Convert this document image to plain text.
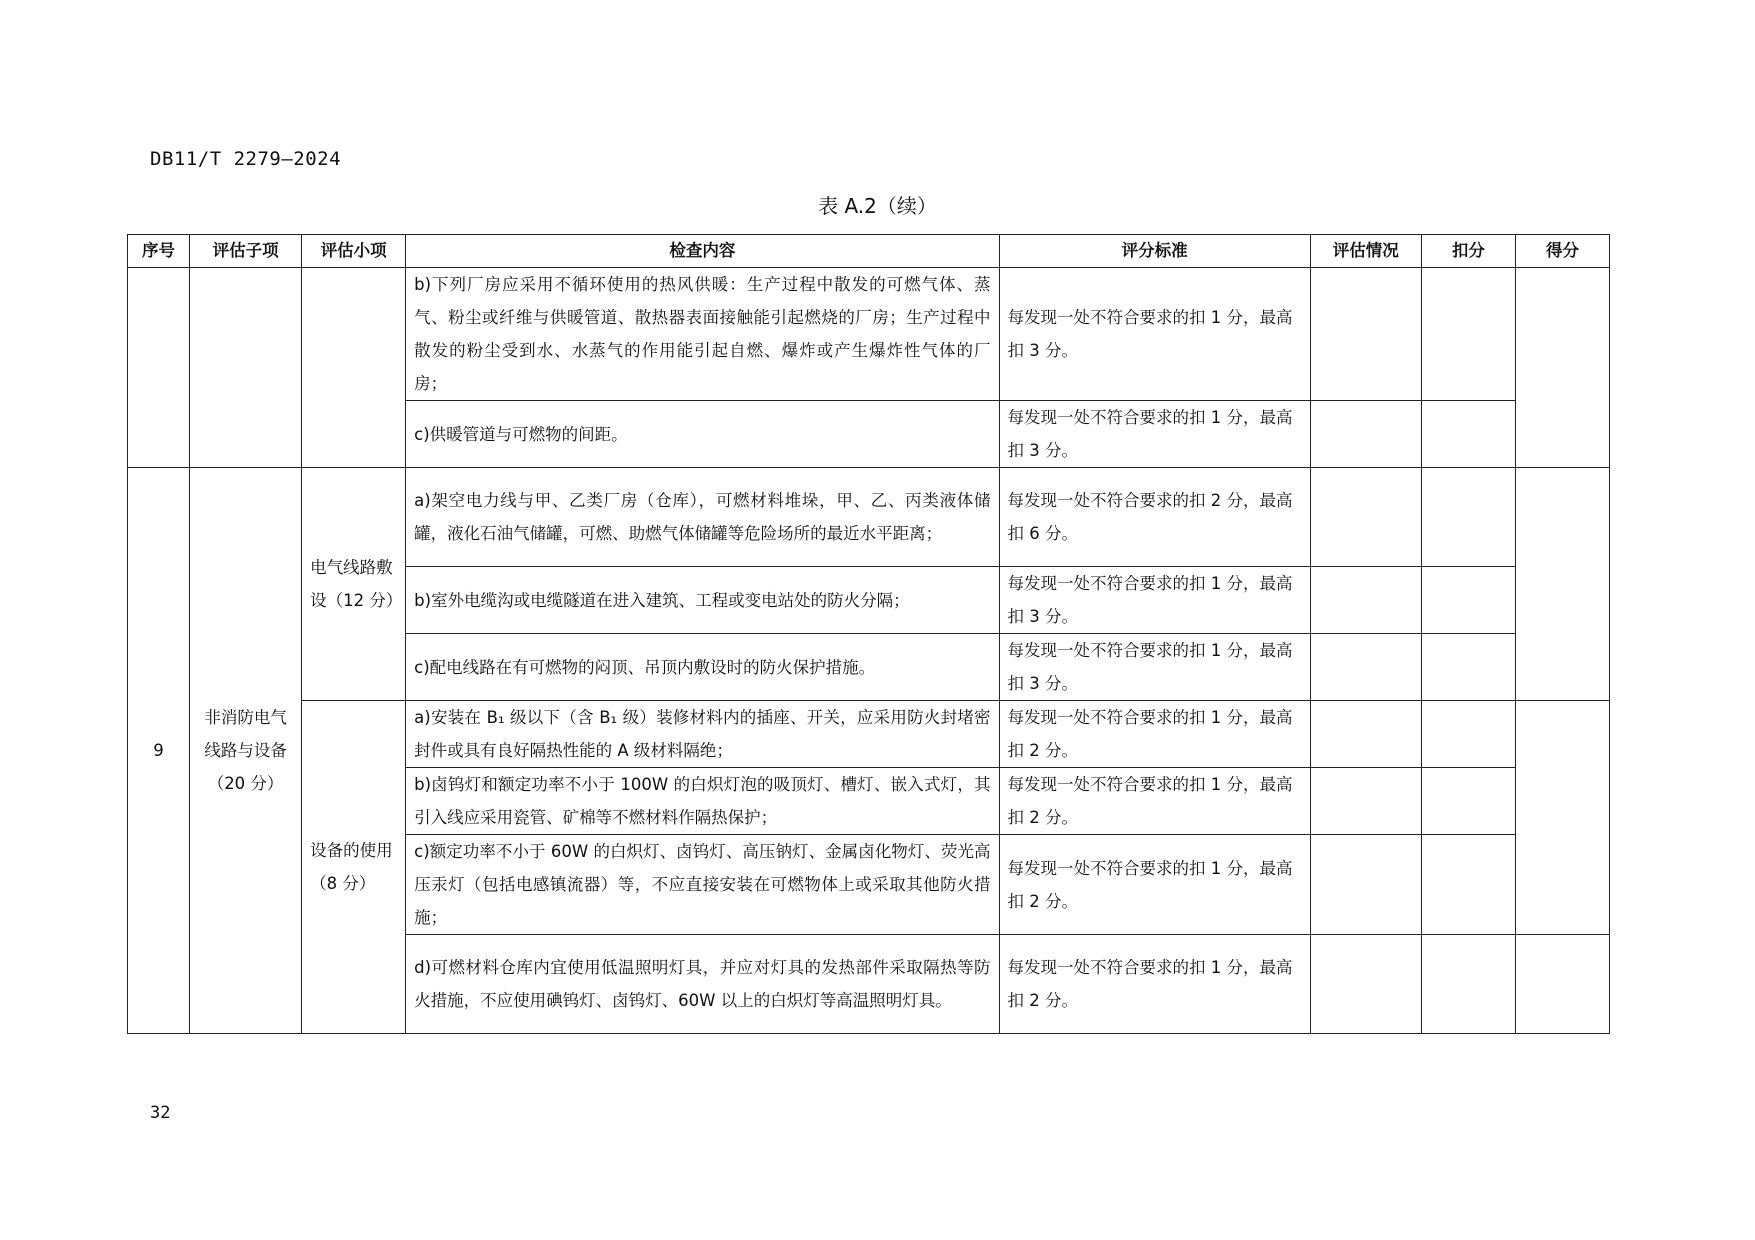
DB11/T 2279—2024
表 A.2（续）
序号	评估子项	评估小项	检查内容	评分标准	评估情况	扣分	得分
			b)下列厂房应采用不循环使用的热风供暖：生产过程中散发的可燃气体、蒸气、粉尘或纤维与供暖管道、散热器表面接触能引起燃烧的厂房；生产过程中散发的粉尘受到水、水蒸气的作用能引起自燃、爆炸或产生爆炸性气体的厂房；	每发现一处不符合要求的扣 1 分，最高扣 3 分。			
			c)供暖管道与可燃物的间距。	每发现一处不符合要求的扣 1 分，最高扣 3 分。			
9	非消防电气线路与设备（20 分）	电气线路敷设（12 分）	a)架空电力线与甲、乙类厂房（仓库），可燃材料堆垛，甲、乙、丙类液体储罐，液化石油气储罐，可燃、助燃气体储罐等危险场所的最近水平距离；	每发现一处不符合要求的扣 2 分，最高扣 6 分。			
			b)室外电缆沟或电缆隧道在进入建筑、工程或变电站处的防火分隔；	每发现一处不符合要求的扣 1 分，最高扣 3 分。			
			c)配电线路在有可燃物的闷顶、吊顶内敷设时的防火保护措施。	每发现一处不符合要求的扣 1 分，最高扣 3 分。			
		设备的使用（8 分）	a)安装在 B₁ 级以下（含 B₁ 级）装修材料内的插座、开关，应采用防火封堵密封件或具有良好隔热性能的 A 级材料隔绝；	每发现一处不符合要求的扣 1 分，最高扣 2 分。			
			b)卤钨灯和额定功率不小于 100W 的白炽灯泡的吸顶灯、槽灯、嵌入式灯，其引入线应采用瓷管、矿棉等不燃材料作隔热保护；	每发现一处不符合要求的扣 1 分，最高扣 2 分。			
			c)额定功率不小于 60W 的白炽灯、卤钨灯、高压钠灯、金属卤化物灯、荧光高压汞灯（包括电感镇流器）等，不应直接安装在可燃物体上或采取其他防火措施；	每发现一处不符合要求的扣 1 分，最高扣 2 分。			
			d)可燃材料仓库内宜使用低温照明灯具，并应对灯具的发热部件采取隔热等防火措施，不应使用碘钨灯、卤钨灯、60W 以上的白炽灯等高温照明灯具。	每发现一处不符合要求的扣 1 分，最高扣 2 分。			
32
